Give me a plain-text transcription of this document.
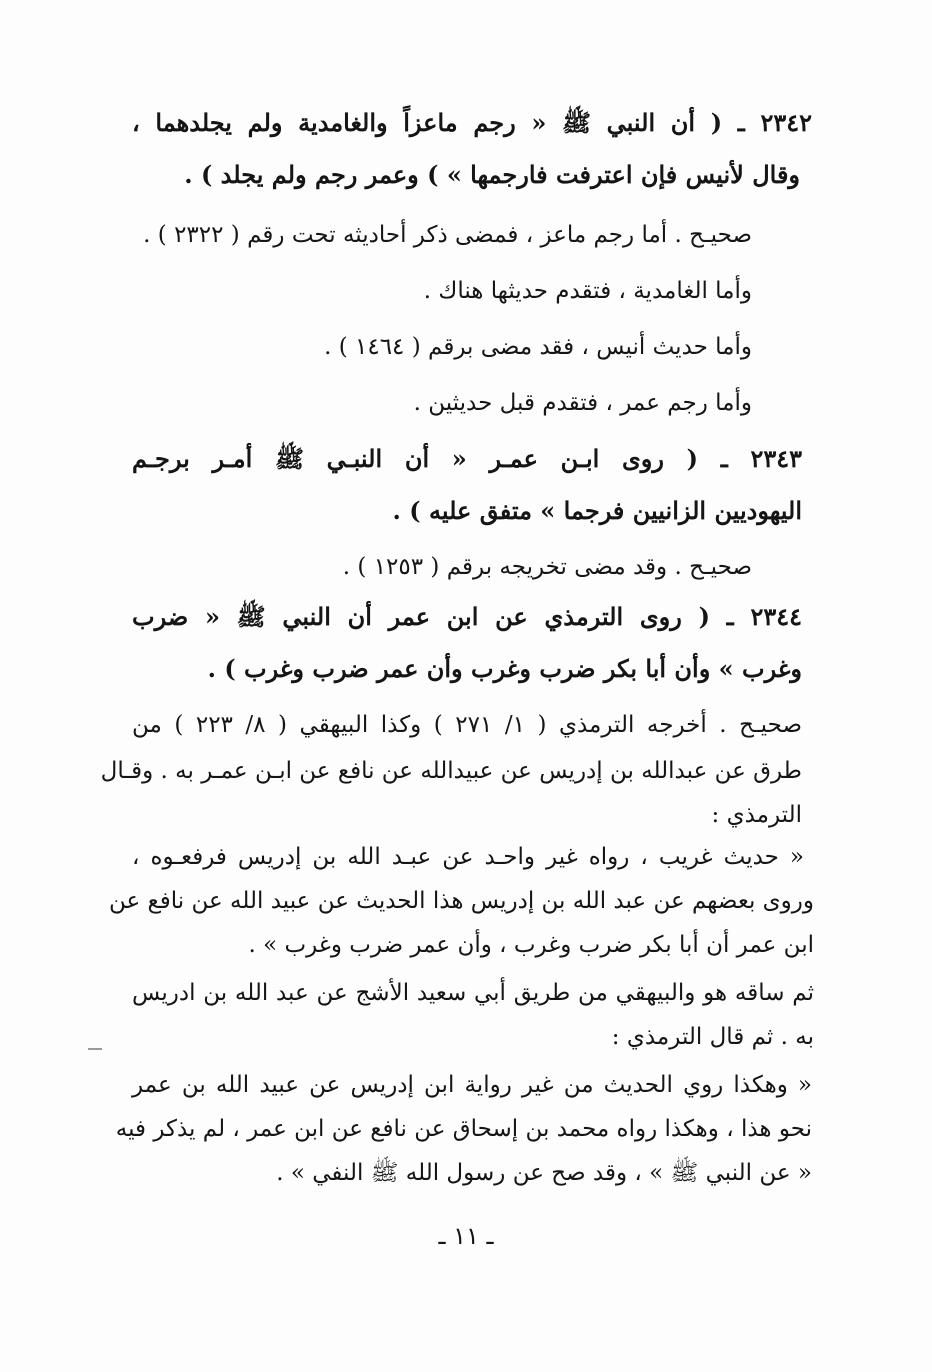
٢٣٤٢ ـ ( أن النبي ﷺ « رجم ماعزاً والغامدية ولم يجلدهما ،
وقال لأنيس فإن اعترفت فارجمها » ) وعمر رجم ولم يجلد ) .
صحيـح . أما رجم ماعز ، فمضى ذكر أحاديثه تحت رقم ( ٢٣٢٢ ) .
وأما الغامدية ، فتقدم حديثها هناك .
وأما حديث أنيس ، فقد مضى برقم ( ١٤٦٤ ) .
وأما رجم عمر ، فتقدم قبل حديثين .
٢٣٤٣ ـ ( روى ابـن عمـر « أن النبـي ﷺ أمـر برجـم
اليهوديين الزانيين فرجما » متفق عليه ) .
صحيـح . وقد مضى تخريجه برقم ( ١٢٥٣ ) .
٢٣٤٤ ـ ( روى الترمذي عن ابن عمر أن النبي ﷺ « ضرب
وغرب » وأن أبا بكر ضرب وغرب وأن عمر ضرب وغرب ) .
صحيـح . أخرجه الترمذي ( ١/ ٢٧١ ) وكذا البيهقي ( ٨/ ٢٢٣ ) من
طرق عن عبدالله بن إدريس عن عبيدالله عن نافع عن ابـن عمـر به . وقـال
الترمذي :
« حديث غريب ، رواه غير واحـد عن عبـد الله بن إدريس فرفعـوه ،
وروى بعضهم عن عبد الله بن إدريس هذا الحديث عن عبيد الله عن نافع عن
ابن عمر أن أبا بكر ضرب وغرب ، وأن عمر ضرب وغرب » .
ثم ساقه هو والبيهقي من طريق أبي سعيد الأشج عن عبد الله بن ادريس
به . ثم قال الترمذي :
« وهكذا روي الحديث من غير رواية ابن إدريس عن عبيد الله بن عمر
نحو هذا ، وهكذا رواه محمد بن إسحاق عن نافع عن ابن عمر ، لم يذكر فيه
« عن النبي ﷺ » ، وقد صح عن رسول الله ﷺ النفي » .
ـ ١١ ـ
